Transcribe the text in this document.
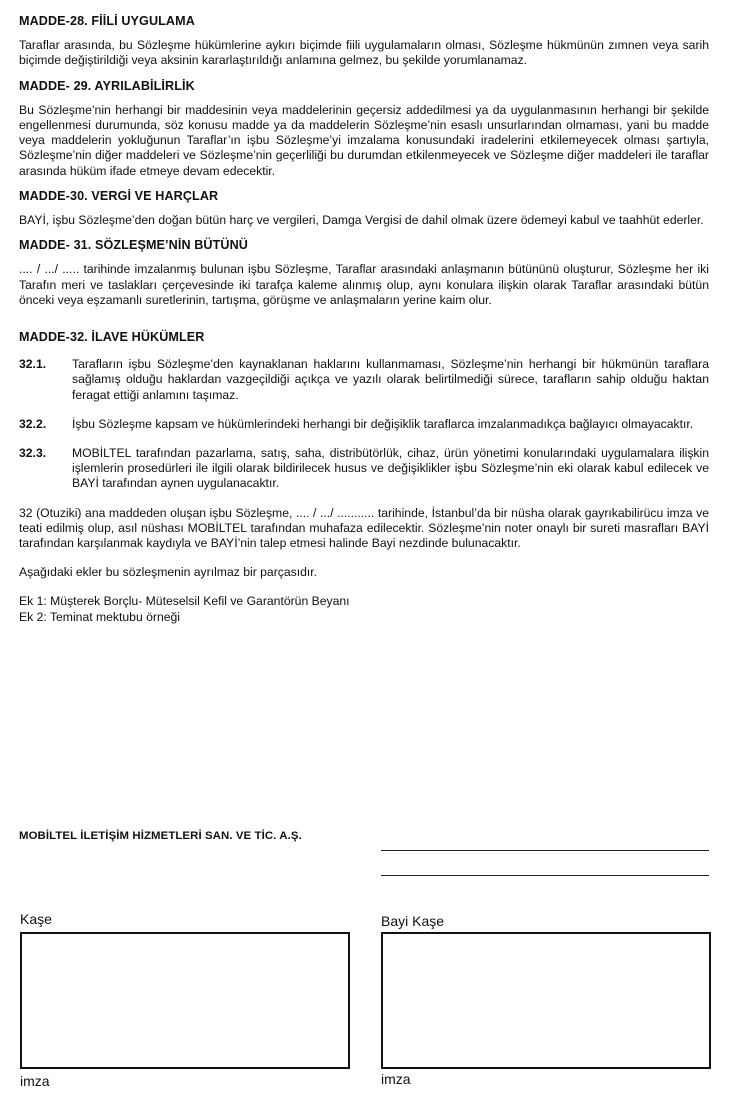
MADDE-28. FİİLİ UYGULAMA
Taraflar arasında, bu Sözleşme hükümlerine aykırı biçimde fiili uygulamaların olması, Sözleşme hükmünün zımnen veya sarih biçimde değiştirildiği veya aksinin kararlaştırıldığı anlamına gelmez, bu şekilde yorumlanamaz.
MADDE- 29. AYRILABİLİRLİK
Bu Sözleşme’nin herhangi bir maddesinin veya maddelerinin geçersiz addedilmesi ya da uygulanmasının herhangi bir şekilde engellenmesi durumunda, söz konusu madde ya da maddelerin Sözleşme’nin esaslı unsurlarından olmaması, yani bu madde veya maddelerin yokluğunun Taraflar’ın işbu Sözleşme’yi imzalama konusundaki iradelerini etkilemeyecek olması şartıyla, Sözleşme’nin diğer maddeleri ve Sözleşme’nin geçerliliği bu durumdan etkilenmeyecek ve Sözleşme diğer maddeleri ile taraflar arasında hüküm ifade etmeye devam edecektir.
MADDE-30. VERGİ VE HARÇLAR
BAYİ, işbu Sözleşme’den doğan bütün harç ve vergileri, Damga Vergisi de dahil olmak üzere ödemeyi kabul ve taahhüt ederler.
MADDE- 31. SÖZLEŞME’NİN BÜTÜNÜ
.... / .../ ..... tarihinde imzalanmış bulunan işbu Sözleşme, Taraflar arasındaki anlaşmanın bütününü oluşturur, Sözleşme her iki Tarafın meri ve taslakları çerçevesinde iki tarafça kaleme alınmış olup, aynı konulara ilişkin olarak Taraflar arasındaki bütün önceki veya eşzamanlı suretlerinin, tartışma, görüşme ve anlaşmaların yerine kaim olur.
MADDE-32. İLAVE HÜKÜMLER
32.1.	Tarafların işbu Sözleşme’den kaynaklanan haklarını kullanmaması, Sözleşme’nin herhangi bir hükmünün taraflara sağlamış olduğu haklardan vazgeçildiği açıkça ve yazılı olarak belirtilmediği sürece, tarafların sahip olduğu haktan feragat ettiği anlamını taşımaz.
32.2.	İşbu Sözleşme kapsam ve hükümlerindeki herhangi bir değişiklik taraflarca imzalanmadıkça bağlayıcı olmayacaktır.
32.3.	MOBİLTEL tarafından pazarlama, satış, saha, distribütörlük, cihaz, ürün yönetimi konularındaki uygulamalara ilişkin işlemlerin prosedürleri ile ilgili olarak bildirilecek husus ve değişiklikler işbu Sözleşme’nin eki olarak kabul edilecek ve BAYİ tarafından aynen uygulanacaktır.
32 (Otuziki) ana maddeden oluşan işbu Sözleşme, .... / .../ ........... tarihinde, İstanbul’da bir nüsha olarak gayrıkabilirücu imza ve teati edilmiş olup, asıl nüshası MOBİLTEL tarafından muhafaza edilecektir. Sözleşme’nin noter onaylı bir sureti masrafları BAYİ tarafından karşılanmak kaydıyla ve BAYİ’nin talep etmesi halinde Bayi nezdinde bulunacaktır.
Aşağıdaki ekler bu sözleşmenin ayrılmaz bir parçasıdır.
Ek 1: Müşterek Borçlu- Müteselsil Kefil ve Garantörün Beyanı
Ek 2: Teminat mektubu örneği
MOBİLTEL İLETİŞİM HİZMETLERİ SAN. VE TİC. A.Ş.
Kaşe	Bayi Kaşe
imza	imza
